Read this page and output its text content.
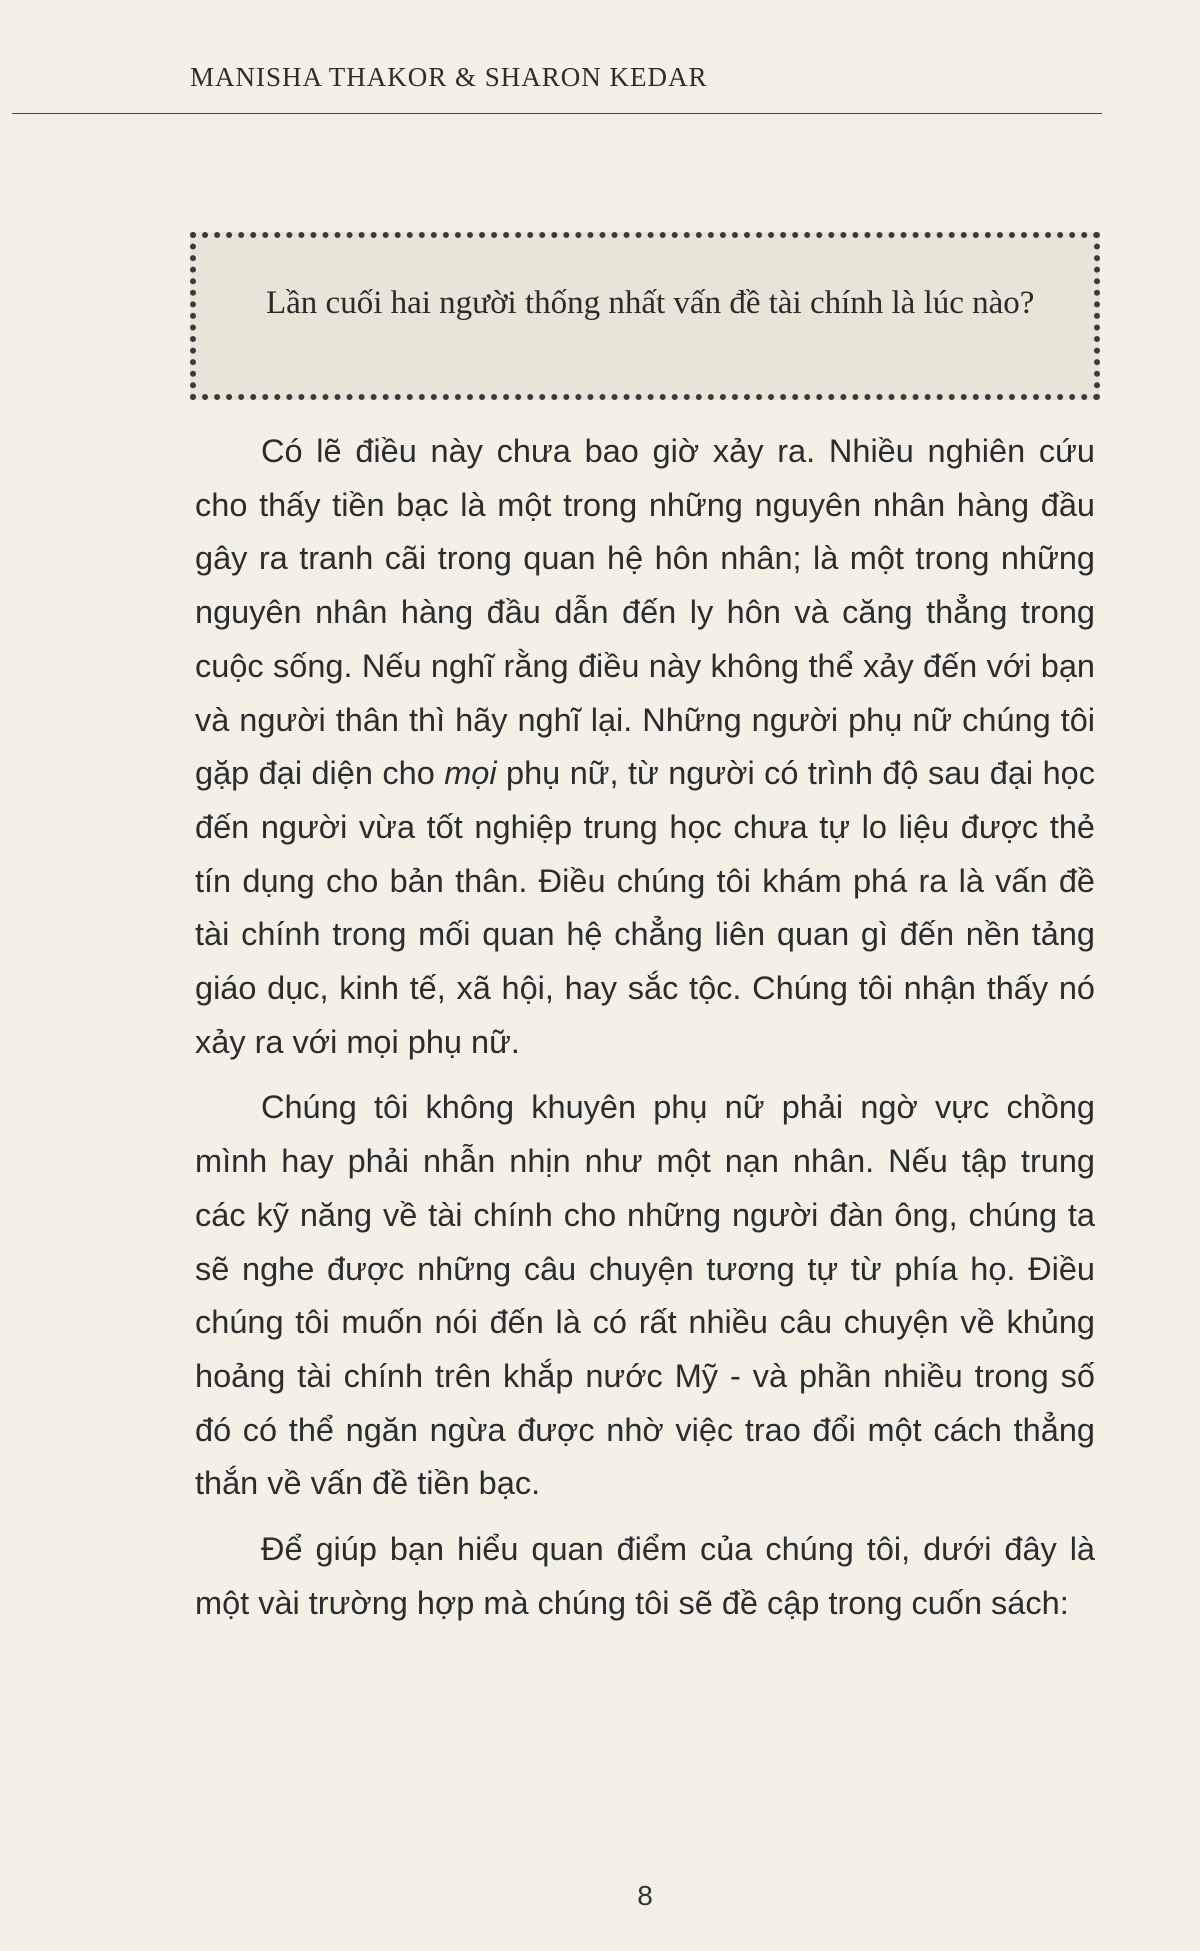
MANISHA THAKOR & SHARON KEDAR
Lần cuối hai người thống nhất vấn đề tài chính là lúc nào?

Có lẽ điều này chưa bao giờ xảy ra. Nhiều nghiên cứu cho thấy tiền bạc là một trong những nguyên nhân hàng đầu gây ra tranh cãi trong quan hệ hôn nhân; là một trong những nguyên nhân hàng đầu dẫn đến ly hôn và căng thẳng trong cuộc sống. Nếu nghĩ rằng điều này không thể xảy đến với bạn và người thân thì hãy nghĩ lại. Những người phụ nữ chúng tôi gặp đại diện cho mọi phụ nữ, từ người có trình độ sau đại học đến người vừa tốt nghiệp trung học chưa tự lo liệu được thẻ tín dụng cho bản thân. Điều chúng tôi khám phá ra là vấn đề tài chính trong mối quan hệ chẳng liên quan gì đến nền tảng giáo dục, kinh tế, xã hội, hay sắc tộc. Chúng tôi nhận thấy nó xảy ra với mọi phụ nữ.

Chúng tôi không khuyên phụ nữ phải ngờ vực chồng mình hay phải nhẫn nhịn như một nạn nhân. Nếu tập trung các kỹ năng về tài chính cho những người đàn ông, chúng ta sẽ nghe được những câu chuyện tương tự từ phía họ. Điều chúng tôi muốn nói đến là có rất nhiều câu chuyện về khủng hoảng tài chính trên khắp nước Mỹ - và phần nhiều trong số đó có thể ngăn ngừa được nhờ việc trao đổi một cách thẳng thắn về vấn đề tiền bạc.

Để giúp bạn hiểu quan điểm của chúng tôi, dưới đây là một vài trường hợp mà chúng tôi sẽ đề cập trong cuốn sách:

8
